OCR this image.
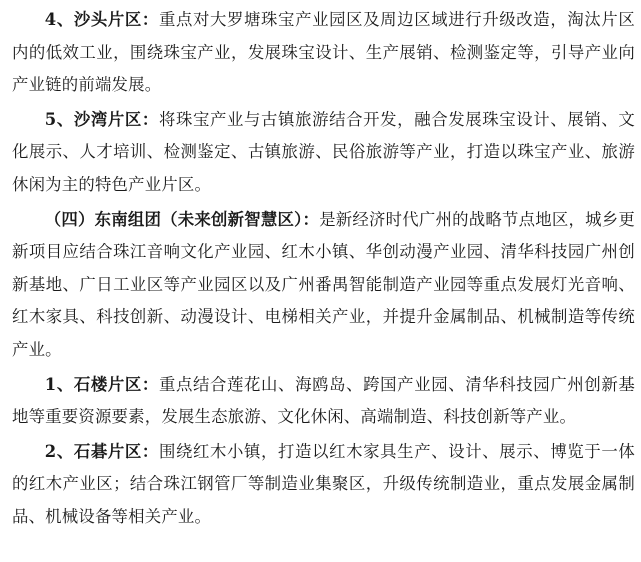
4、沙头片区：重点对大罗塘珠宝产业园区及周边区域进行升级改造，淘汰片区内的低效工业，围绕珠宝产业，发展珠宝设计、生产展销、检测鉴定等，引导产业向产业链的前端发展。

5、沙湾片区：将珠宝产业与古镇旅游结合开发，融合发展珠宝设计、展销、文化展示、人才培训、检测鉴定、古镇旅游、民俗旅游等产业，打造以珠宝产业、旅游休闲为主的特色产业片区。

（四）东南组团（未来创新智慧区）：是新经济时代广州的战略节点地区，城乡更新项目应结合珠江音响文化产业园、红木小镇、华创动漫产业园、清华科技园广州创新基地、广日工业区等产业园区以及广州番禺智能制造产业园等重点发展灯光音响、红木家具、科技创新、动漫设计、电梯相关产业，并提升金属制品、机械制造等传统产业。

1、石楼片区：重点结合莲花山、海鸥岛、跨国产业园、清华科技园广州创新基地等重要资源要素，发展生态旅游、文化休闲、高端制造、科技创新等产业。

2、石碁片区：围绕红木小镇，打造以红木家具生产、设计、展示、博览于一体的红木产业区；结合珠江钢管厂等制造业集聚区，升级传统制造业，重点发展金属制品、机械设备等相关产业。
